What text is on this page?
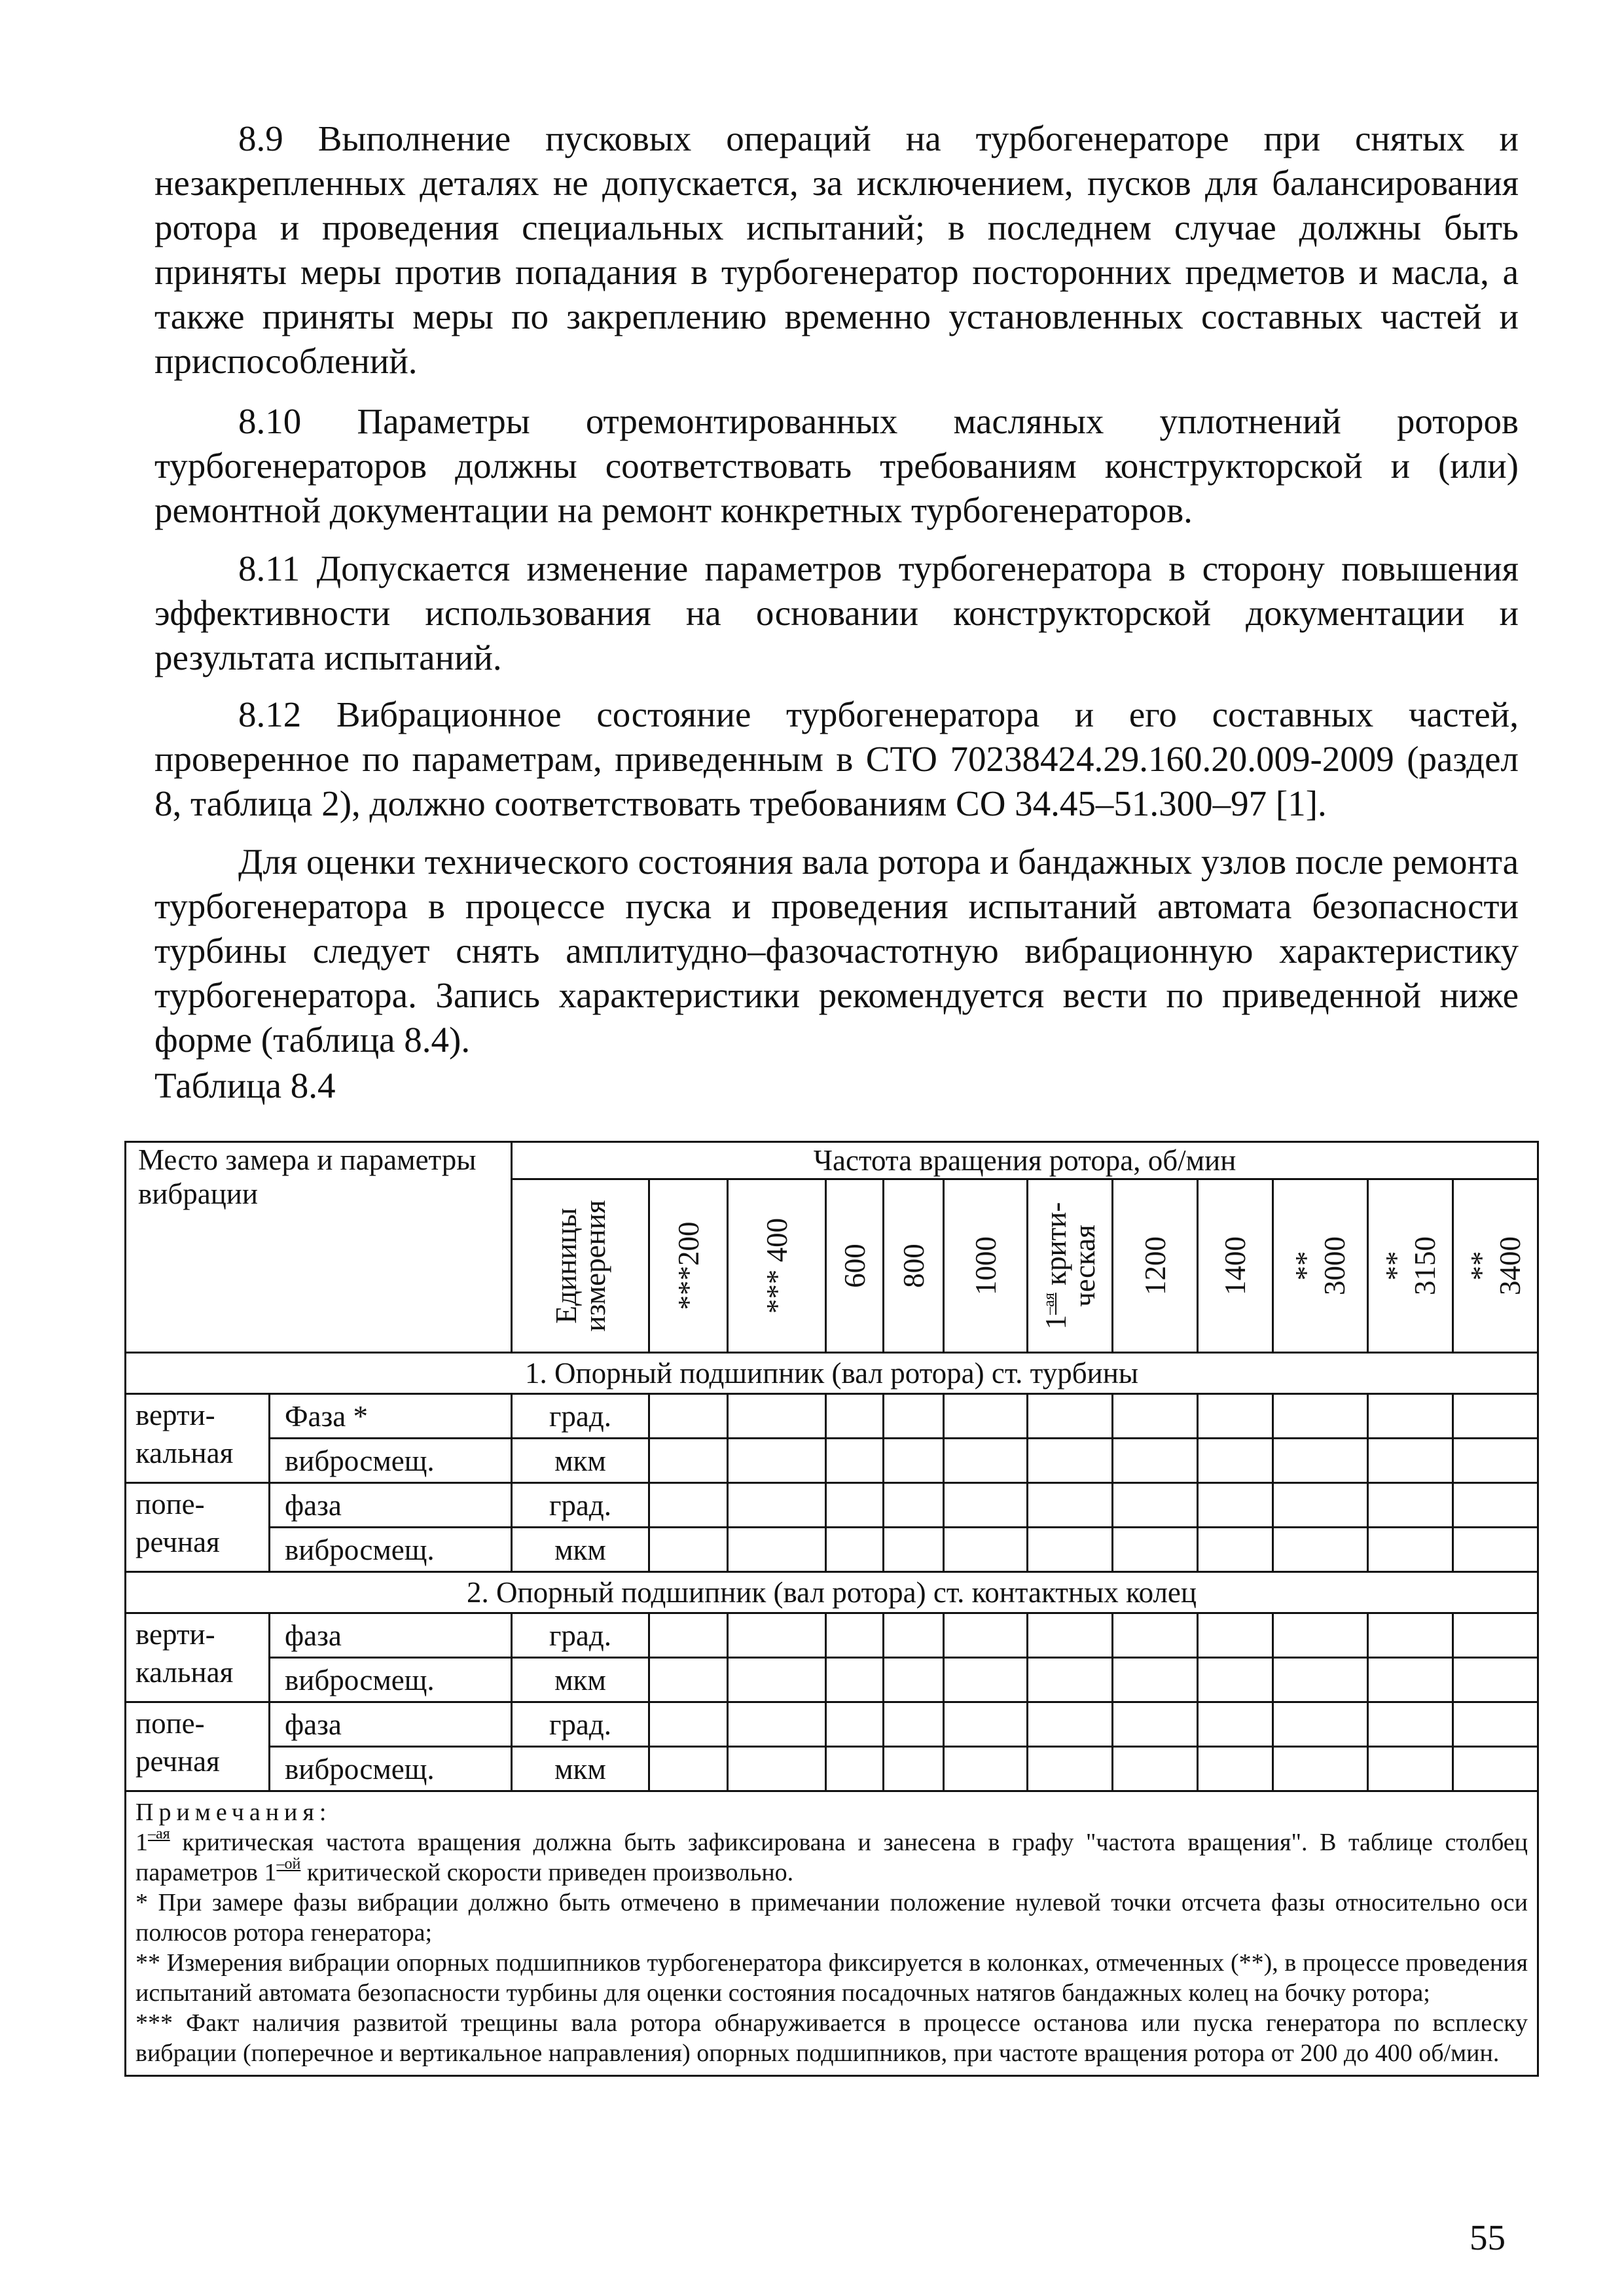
8.9 Выполнение пусковых операций на турбогенераторе при снятых и незакрепленных деталях не допускается, за исключением, пусков для балансирования ротора и проведения специальных испытаний; в последнем случае должны быть приняты меры против попадания в турбогенератор посторонних предметов и масла, а также приняты меры по закреплению временно установленных составных частей и приспособлений.

8.10 Параметры отремонтированных масляных уплотнений роторов турбогенераторов должны соответствовать требованиям конструкторской и (или) ремонтной документации на ремонт конкретных турбогенераторов.

8.11 Допускается изменение параметров турбогенератора в сторону повышения эффективности использования на основании конструкторской документации и результата испытаний.

8.12 Вибрационное состояние турбогенератора и его составных частей, проверенное по параметрам, приведенным в СТО 70238424.29.160.20.009-2009 (раздел 8, таблица 2), должно соответствовать требованиям СО 34.45–51.300–97 [1].

Для оценки технического состояния вала ротора и бандажных узлов после ремонта турбогенератора в процессе пуска и проведения испытаний автомата безопасности турбины следует снять амплитудно–фазочастотную вибрационную характеристику турбогенератора. Запись характеристики рекомендуется вести по приведенной ниже форме (таблица 8.4).

Таблица 8.4

Место замера и параметры вибрации		Частота вращения ротора, об/мин											

		Единицы измерения	***200	*** 400	600	800	1000	$1^{-ая}$ крити-ческая	1200	1400	** 3000	** 3150	** 3400

1. Опорный подшипник (вал ротора) ст. турбины													
верти-кальная	Фаза *	град.											
	вибросмещ.	мкм											
попе-речная	фаза	град.											
	вибросмещ.	мкм											
2. Опорный подшипник (вал ротора) ст. контактных колец													
верти-кальная	фаза	град.											
	вибросмещ.	мкм											
попе-речная	фаза	град.											
	вибросмещ.	мкм											

Примечания:

$1^{-ая}$ критическая частота вращения должна быть зафиксирована и занесена в графу "частота вращения". В таблице столбец параметров $1^{-ой}$ критической скорости приведен произвольно.

* При замере фазы вибрации должно быть отмечено в примечании положение нулевой точки отсчета фазы относительно оси полюсов ротора генератора;

** Измерения вибрации опорных подшипников турбогенератора фиксируется в колонках, отмеченных (**), в процессе проведения испытаний автомата безопасности турбины для оценки состояния посадочных натягов бандажных колец на бочку ротора;

*** Факт наличия развитой трещины вала ротора обнаруживается в процессе останова или пуска генератора по всплеску вибрации (поперечное и вертикальное направления) опорных подшипников, при частоте вращения ротора от 200 до 400 об/мин.													

55
